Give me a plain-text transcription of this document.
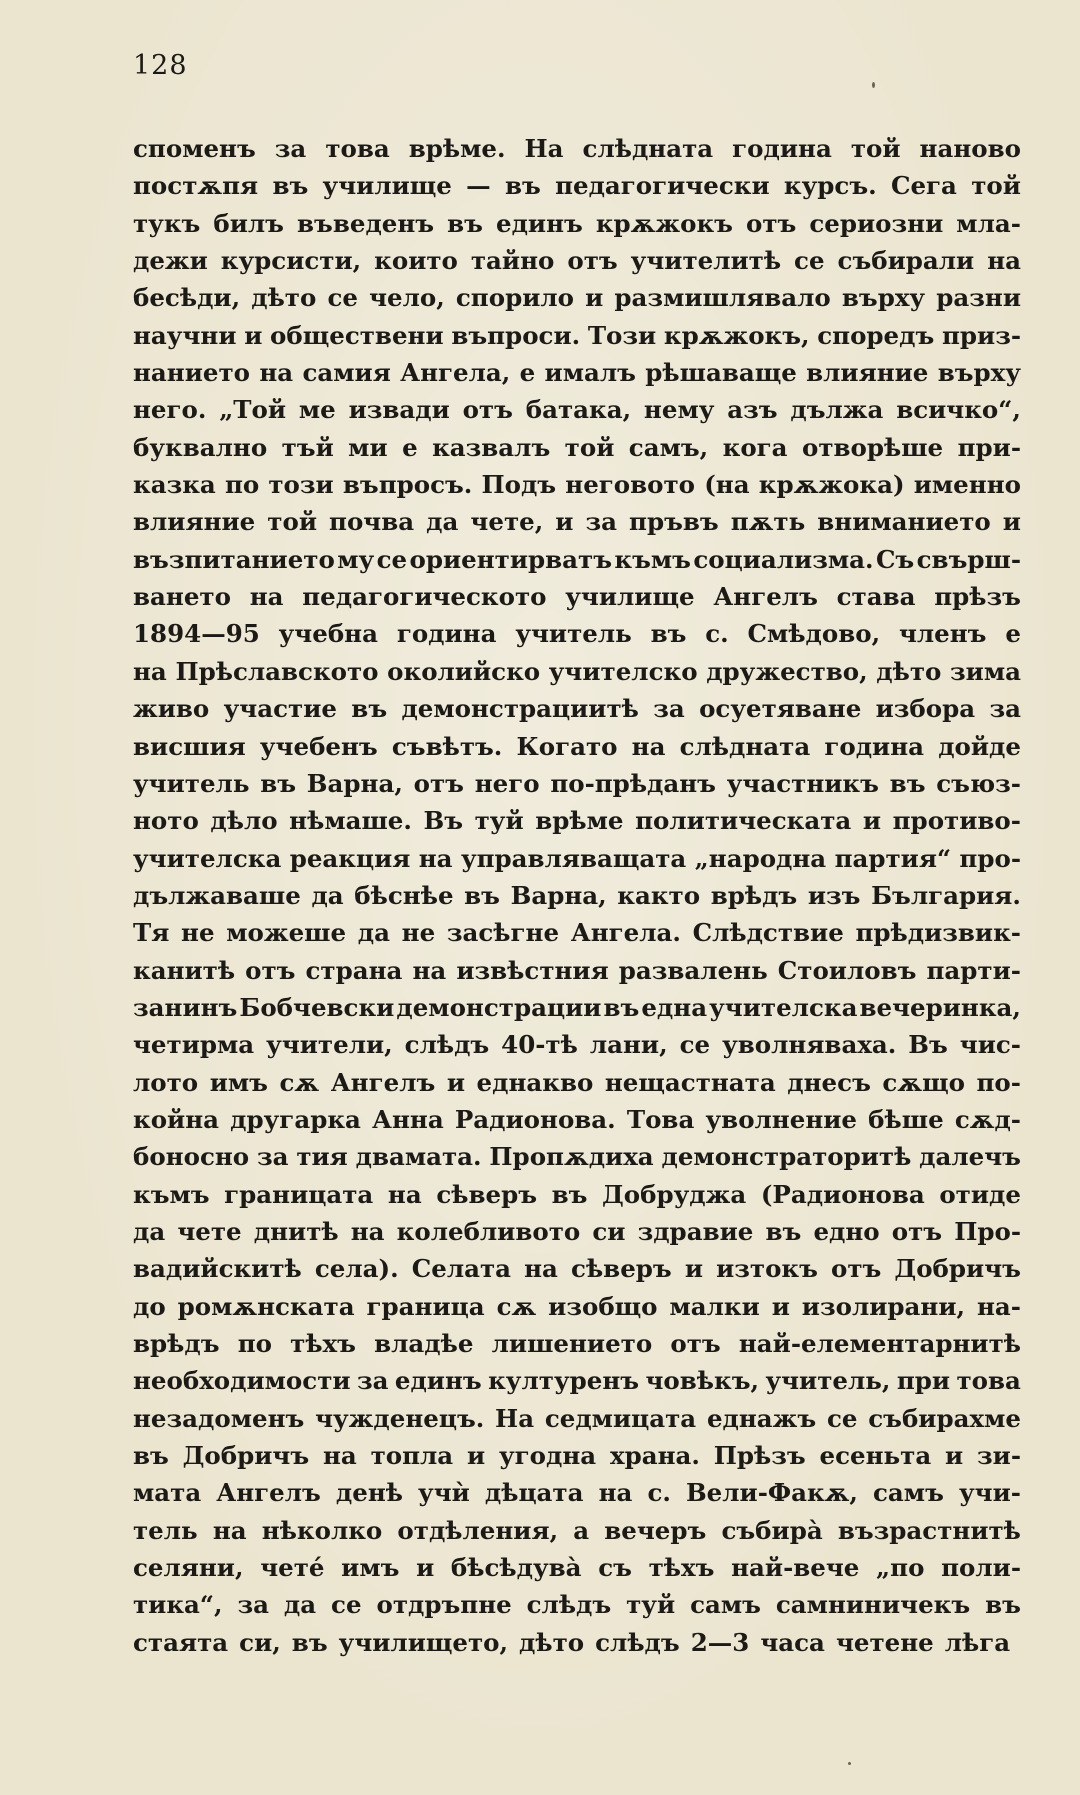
128
споменъ за това врѣме. На слѣдната година той наново
постѫпя въ училище — въ педагогически курсъ. Сега той
тукъ билъ въведенъ въ единъ крѫжокъ отъ сериозни мла-
дежи курсисти, които тайно отъ учителитѣ се събирали на
бесѣди, дѣто се чело, спорило и размишлявало върху разни
научни и обществени въпроси. Този крѫжокъ, споредъ приз-
нанието на самия Ангела, е ималъ рѣшаваще влияние върху
него. „Той ме извади отъ батака, нему азъ дължа всичко“,
буквално тъй ми е казвалъ той самъ, кога отворѣше при-
казка по този въпросъ. Подъ неговото (на крѫжока) именно
влияние той почва да чете, и за пръвъ пѫть вниманието и
възпитанието му се ориентирватъ къмъ социализма. Съ свърш-
ването на педагогическото училище Ангелъ става прѣзъ
1894—95 учебна година учитель въ с. Смѣдово, членъ е
на Прѣславското околийско учителско дружество, дѣто зима
живо участие въ демонстрациитѣ за осуетяване избора за
висшия учебенъ съвѣтъ. Когато на слѣдната година дойде
учитель въ Варна, отъ него по-прѣданъ участникъ въ съюз-
ното дѣло нѣмаше. Въ туй врѣме политическата и противо-
учителска реакция на управляващата „народна партия“ про-
дължаваше да бѣснѣе въ Варна, както врѣдъ изъ България.
Тя не можеше да не засѣгне Ангела. Слѣдствие прѣдизвик-
канитѣ отъ страна на извѣстния развалень Стоиловъ парти-
занинъ Бобчевски демонстрации въ една учителска вечеринка,
четирма учители, слѣдъ 40-тѣ лани, се уволняваха. Въ чис-
лото имъ сѫ Ангелъ и еднакво нещастната днесъ сѫщо по-
койна другарка Анна Радионова. Това уволнение бѣше сѫд-
боносно за тия двамата. Пропѫдиха демонстраторитѣ далечъ
къмъ границата на сѣверъ въ Добруджа (Радионова отиде
да чете днитѣ на колебливото си здравие въ едно отъ Про-
вадийскитѣ села). Селата на сѣверъ и изтокъ отъ Добричъ
до ромѫнската граница сѫ изобщо малки и изолирани, на-
врѣдъ по тѣхъ владѣе лишението отъ най-елементарнитѣ
необходимости за единъ културенъ човѣкъ, учитель, при това
незадоменъ чужденецъ. На седмицата еднажъ се събирахме
въ Добричъ на топла и угодна храна. Прѣзъ есеньта и зи-
мата Ангелъ денѣ учѝ дѣцата на с. Вели-Факѫ, самъ учи-
тель на нѣколко отдѣления, а вечеръ събирà възрастнитѣ
селяни, четé имъ и бѣсѣдувà съ тѣхъ най-вече „по поли-
тика“, за да се отдръпне слѣдъ туй самъ самниничекъ въ
стаята си, въ училището, дѣто слѣдъ 2—3 часа четене лѣга
